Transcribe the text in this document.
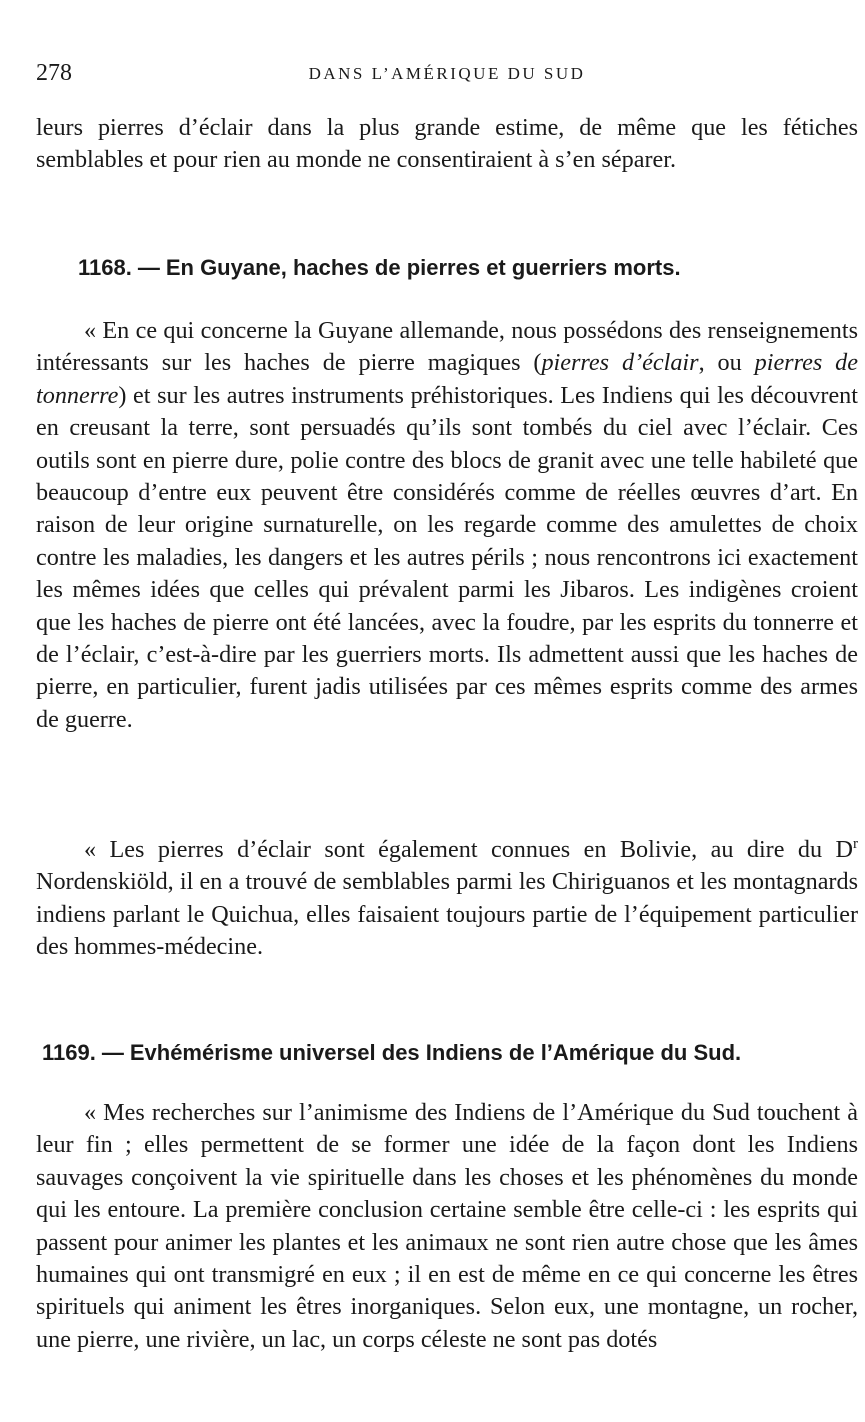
278	DANS L’AMÉRIQUE DU SUD

leurs pierres d’éclair dans la plus grande estime, de même que les fétiches semblables et pour rien au monde ne consentiraient à s’en séparer.

1168. — En Guyane, haches de pierres et guerriers morts.

« En ce qui concerne la Guyane allemande, nous possédons des renseignements intéressants sur les haches de pierre magiques (pierres d’éclair, ou pierres de tonnerre) et sur les autres instruments préhistoriques. Les Indiens qui les découvrent en creusant la terre, sont persuadés qu’ils sont tombés du ciel avec l’éclair. Ces outils sont en pierre dure, polie contre des blocs de granit avec une telle habileté que beaucoup d’entre eux peuvent être considérés comme de réelles œuvres d’art. En raison de leur origine surnaturelle, on les regarde comme des amulettes de choix contre les maladies, les dangers et les autres périls ; nous rencontrons ici exactement les mêmes idées que celles qui prévalent parmi les Jibaros. Les indigènes croient que les haches de pierre ont été lancées, avec la foudre, par les esprits du tonnerre et de l’éclair, c’est-à-dire par les guerriers morts. Ils admettent aussi que les haches de pierre, en particulier, furent jadis utilisées par ces mêmes esprits comme des armes de guerre.

« Les pierres d’éclair sont également connues en Bolivie, au dire du $D^r$ Nordenskiöld, il en a trouvé de semblables parmi les Chiriguanos et les montagnards indiens parlant le Quichua, elles faisaient toujours partie de l’équipement particulier des hommes-médecine.

1169. — Evhémérisme universel des Indiens de l’Amérique du Sud.

« Mes recherches sur l’animisme des Indiens de l’Amérique du Sud touchent à leur fin ; elles permettent de se former une idée de la façon dont les Indiens sauvages conçoivent la vie spirituelle dans les choses et les phénomènes du monde qui les entoure. La première conclusion certaine semble être celle-ci : les esprits qui passent pour animer les plantes et les animaux ne sont rien autre chose que les âmes humaines qui ont transmigré en eux ; il en est de même en ce qui concerne les êtres spirituels qui animent les êtres inorganiques. Selon eux, une montagne, un rocher, une pierre, une rivière, un lac, un corps céleste ne sont pas dotés
